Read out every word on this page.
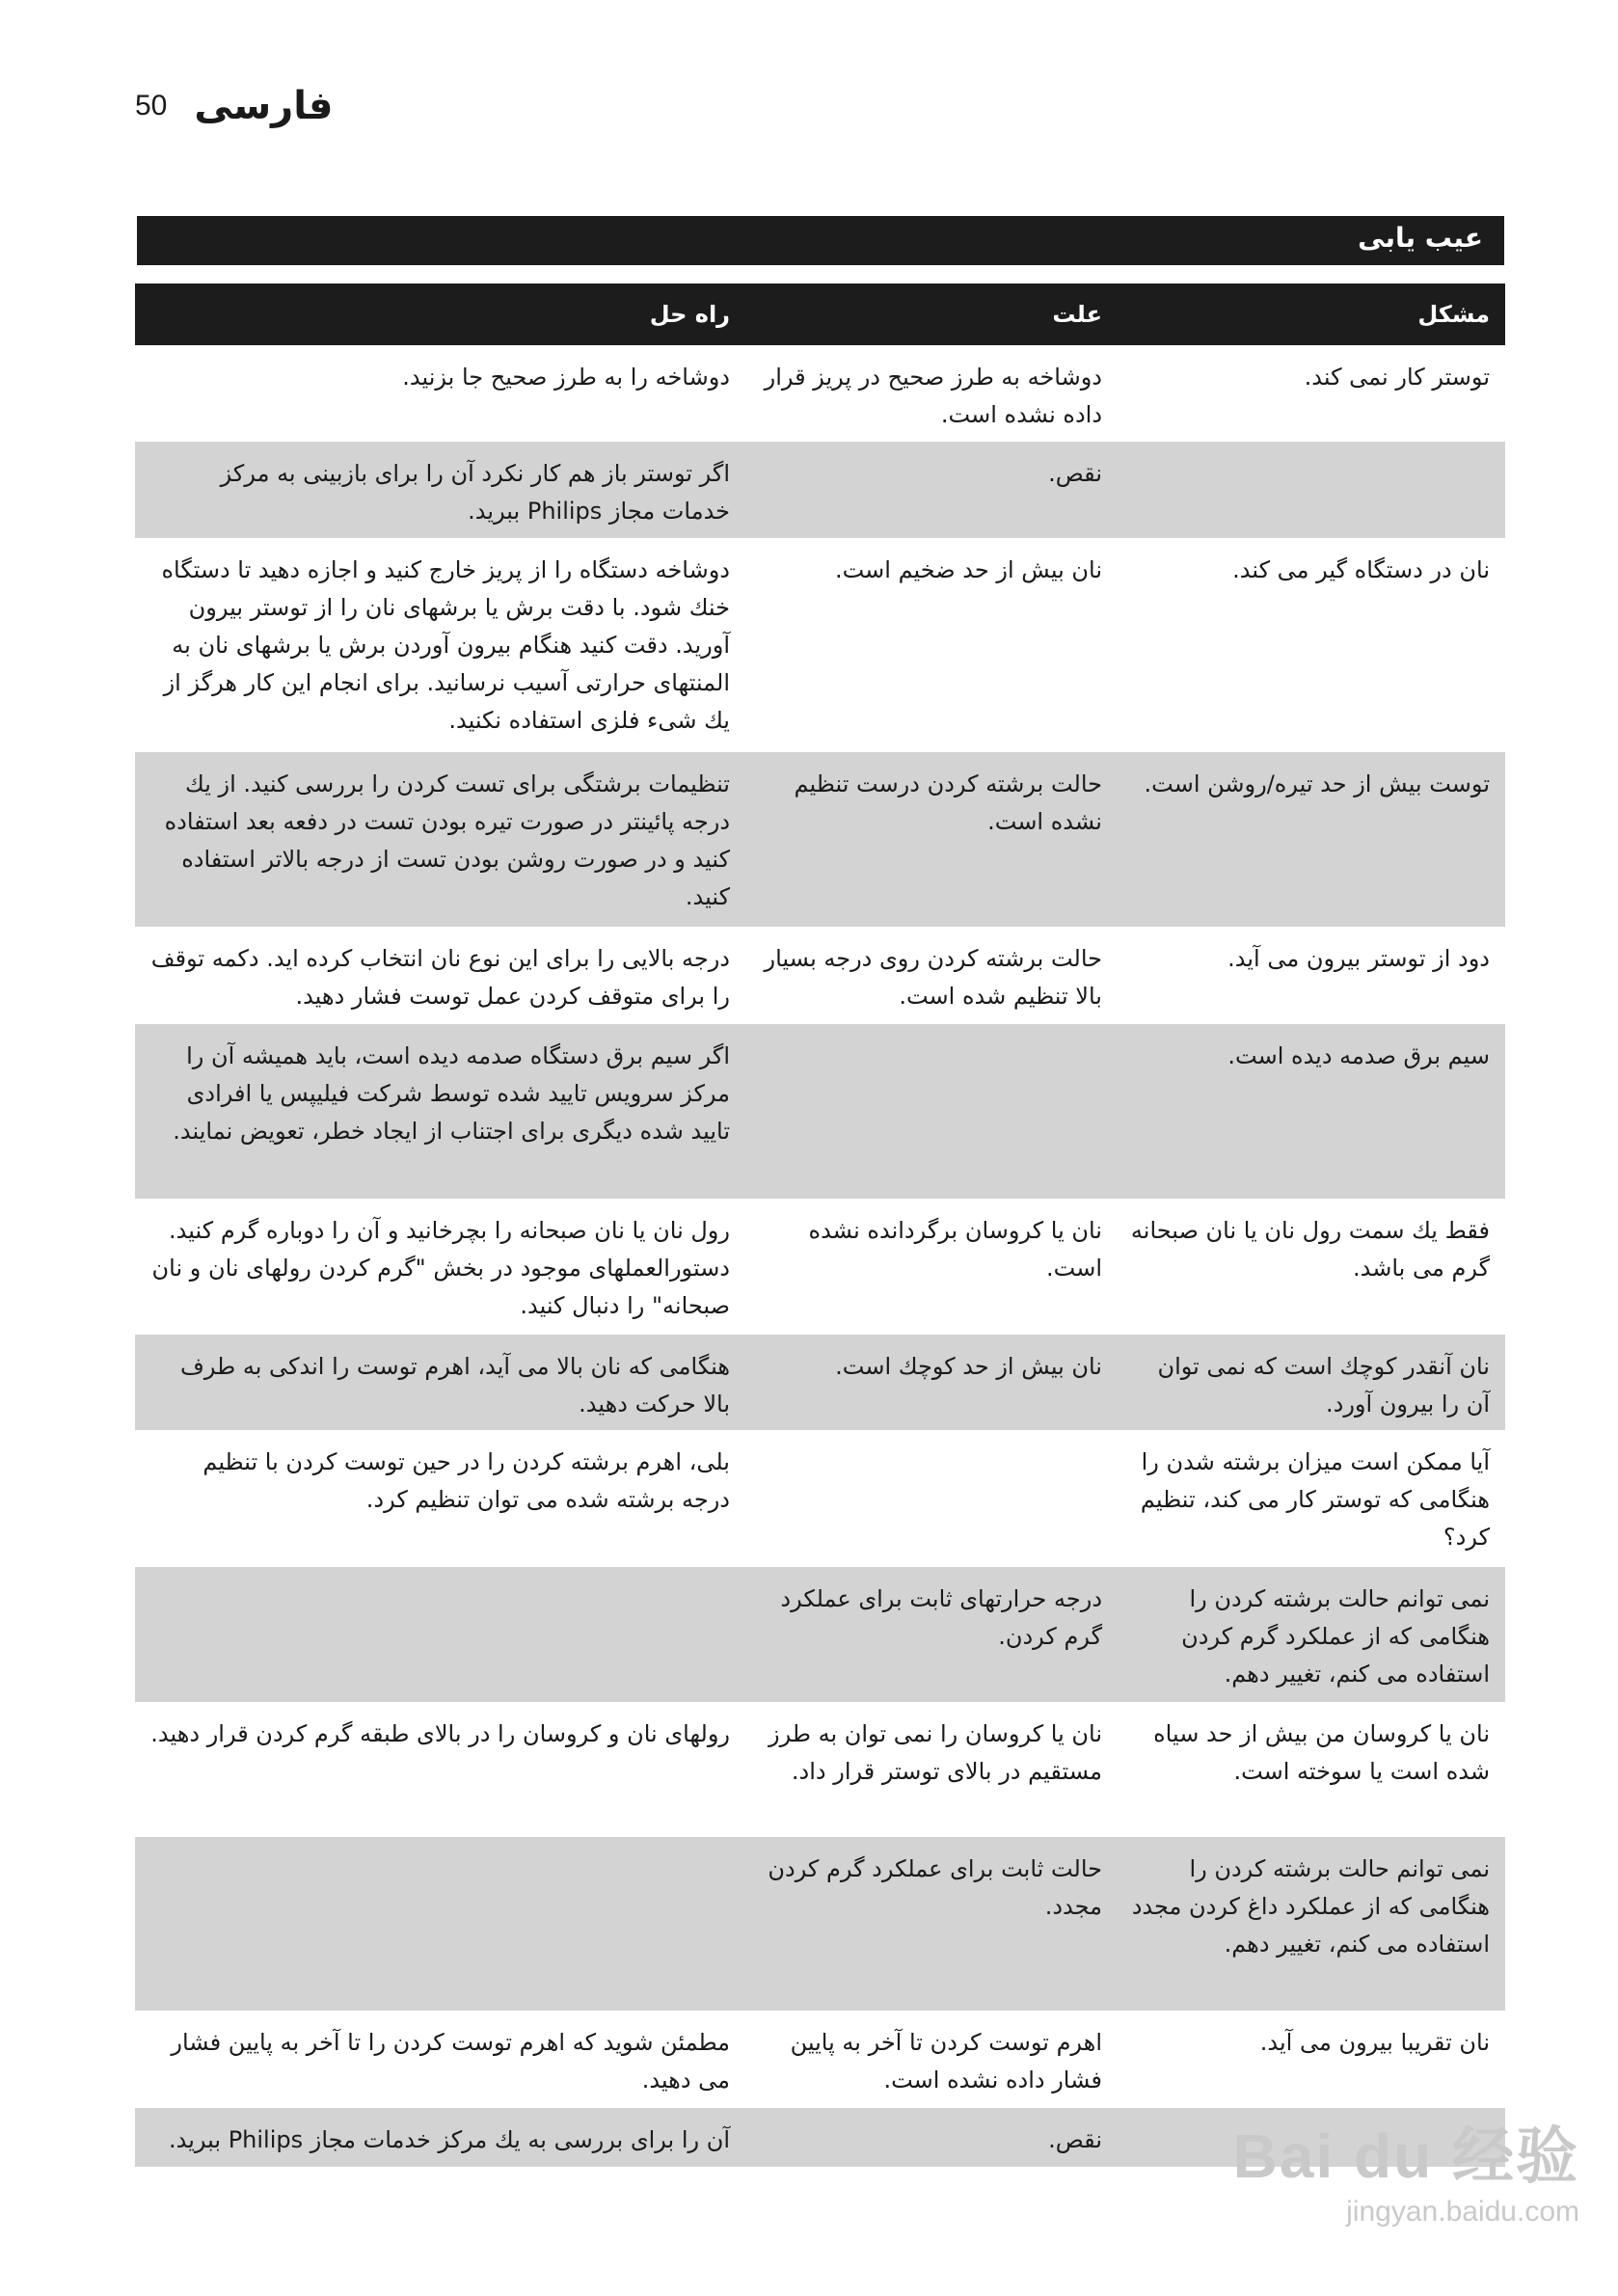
50 فارسی
عیب یابی
مشکل
علت
راه حل
توستر کار نمی کند.
دوشاخه به طرز صحیح در پریز قرار داده نشده است.
دوشاخه را به طرز صحیح جا بزنید.
نقص.
اگر توستر باز هم کار نکرد آن را برای بازبینی به مرکز خدمات مجاز Philips ببرید.
نان در دستگاه گیر می کند.
نان بیش از حد ضخیم است.
دوشاخه دستگاه را از پریز خارج کنید و اجازه دهید تا دستگاه خنك شود. با دقت برش یا برشهای نان را از توستر بیرون آورید. دقت کنید هنگام بیرون آوردن برش یا برشهای نان به المنتهای حرارتی آسیب نرسانید. برای انجام این کار هرگز از یك شیء فلزی استفاده نکنید.
توست بیش از حد تیره/روشن است.
حالت برشته کردن درست تنظیم نشده است.
تنظیمات برشتگی برای تست کردن را بررسی کنید. از یك درجه پائینتر در صورت تیره بودن تست در دفعه بعد استفاده کنید و در صورت روشن بودن تست از درجه بالاتر استفاده کنید.
دود از توستر بیرون می آید.
حالت برشته کردن روی درجه بسیار بالا تنظیم شده است.
درجه بالایی را برای این نوع نان انتخاب کرده اید. دکمه توقف را برای متوقف کردن عمل توست فشار دهید.
سیم برق صدمه دیده است.
اگر سیم برق دستگاه صدمه دیده است، باید همیشه آن را مرکز سرویس تایید شده توسط شرکت فیلیپس یا افرادی تایید شده دیگری برای اجتناب از ایجاد خطر، تعویض نمایند.
فقط یك سمت رول نان یا نان صبحانه گرم می باشد.
نان یا کروسان برگردانده نشده است.
رول نان یا نان صبحانه را بچرخانید و آن را دوباره گرم کنید. دستورالعملهای موجود در بخش "گرم کردن رولهای نان و نان صبحانه" را دنبال کنید.
نان آنقدر کوچك است که نمی توان آن را بیرون آورد.
نان بیش از حد کوچك است.
هنگامی که نان بالا می آید، اهرم توست را اندکی به طرف بالا حرکت دهید.
آیا ممکن است میزان برشته شدن را هنگامی که توستر کار می کند، تنظیم کرد؟
بلی، اهرم برشته کردن را در حین توست کردن با تنظیم درجه برشته شده می توان تنظیم کرد.
نمی توانم حالت برشته کردن را هنگامی که از عملکرد گرم کردن استفاده می کنم، تغییر دهم.
درجه حرارتهای ثابت برای عملکرد گرم کردن.
نان یا کروسان من بیش از حد سیاه شده است یا سوخته است.
نان یا کروسان را نمی توان به طرز مستقیم در بالای توستر قرار داد.
رولهای نان و کروسان را در بالای طبقه گرم کردن قرار دهید.
نمی توانم حالت برشته کردن را هنگامی که از عملکرد داغ کردن مجدد استفاده می کنم، تغییر دهم.
حالت ثابت برای عملکرد گرم کردن مجدد.
نان تقریبا بیرون می آید.
اهرم توست کردن تا آخر به پایین فشار داده نشده است.
مطمئن شوید که اهرم توست کردن را تا آخر به پایین فشار می دهید.
نقص.
آن را برای بررسی به یك مرکز خدمات مجاز Philips ببرید.	Bai du 经验
jingyan.baidu.com
